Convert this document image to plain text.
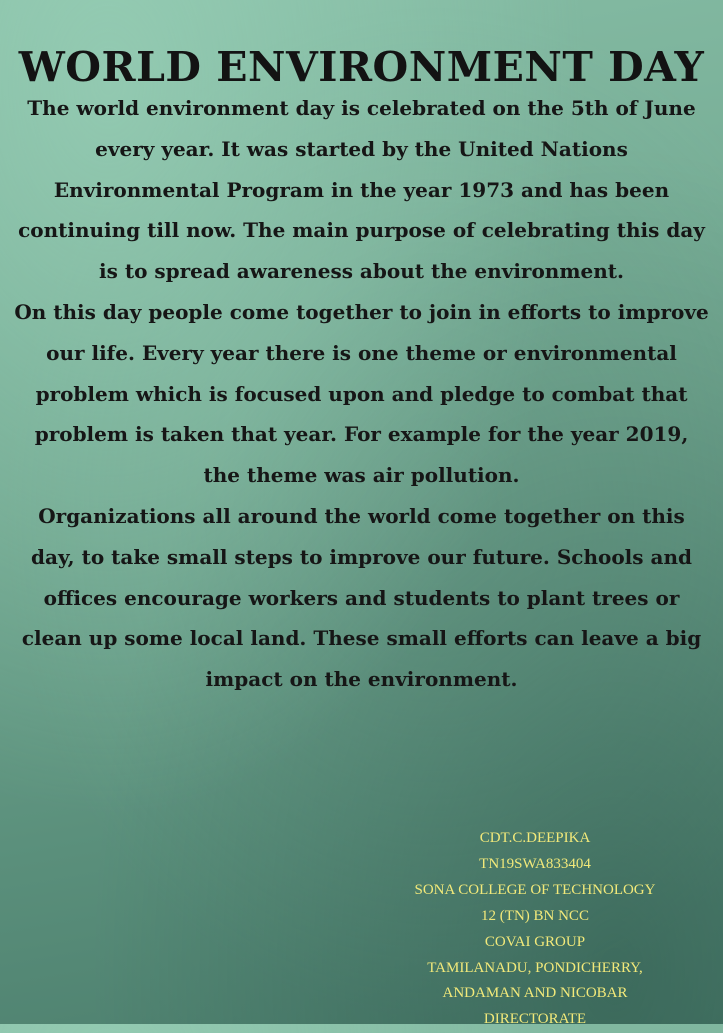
WORLD ENVIRONMENT DAY

The world environment day is celebrated on the 5th of June every year. It was started by the United Nations Environmental Program in the year 1973 and has been continuing till now. The main purpose of celebrating this day is to spread awareness about the environment.

On this day people come together to join in efforts to improve our life. Every year there is one theme or environmental problem which is focused upon and pledge to combat that problem is taken that year. For example for the year 2019, the theme was air pollution.

Organizations all around the world come together on this day, to take small steps to improve our future. Schools and offices encourage workers and students to plant trees or clean up some local land. These small efforts can leave a big impact on the environment.

CDT.C.DEEPIKA
TN19SWA833404
SONA COLLEGE OF TECHNOLOGY
12 (TN) BN NCC
COVAI GROUP
TAMILANADU, PONDICHERRY,
ANDAMAN AND NICOBAR
DIRECTORATE
